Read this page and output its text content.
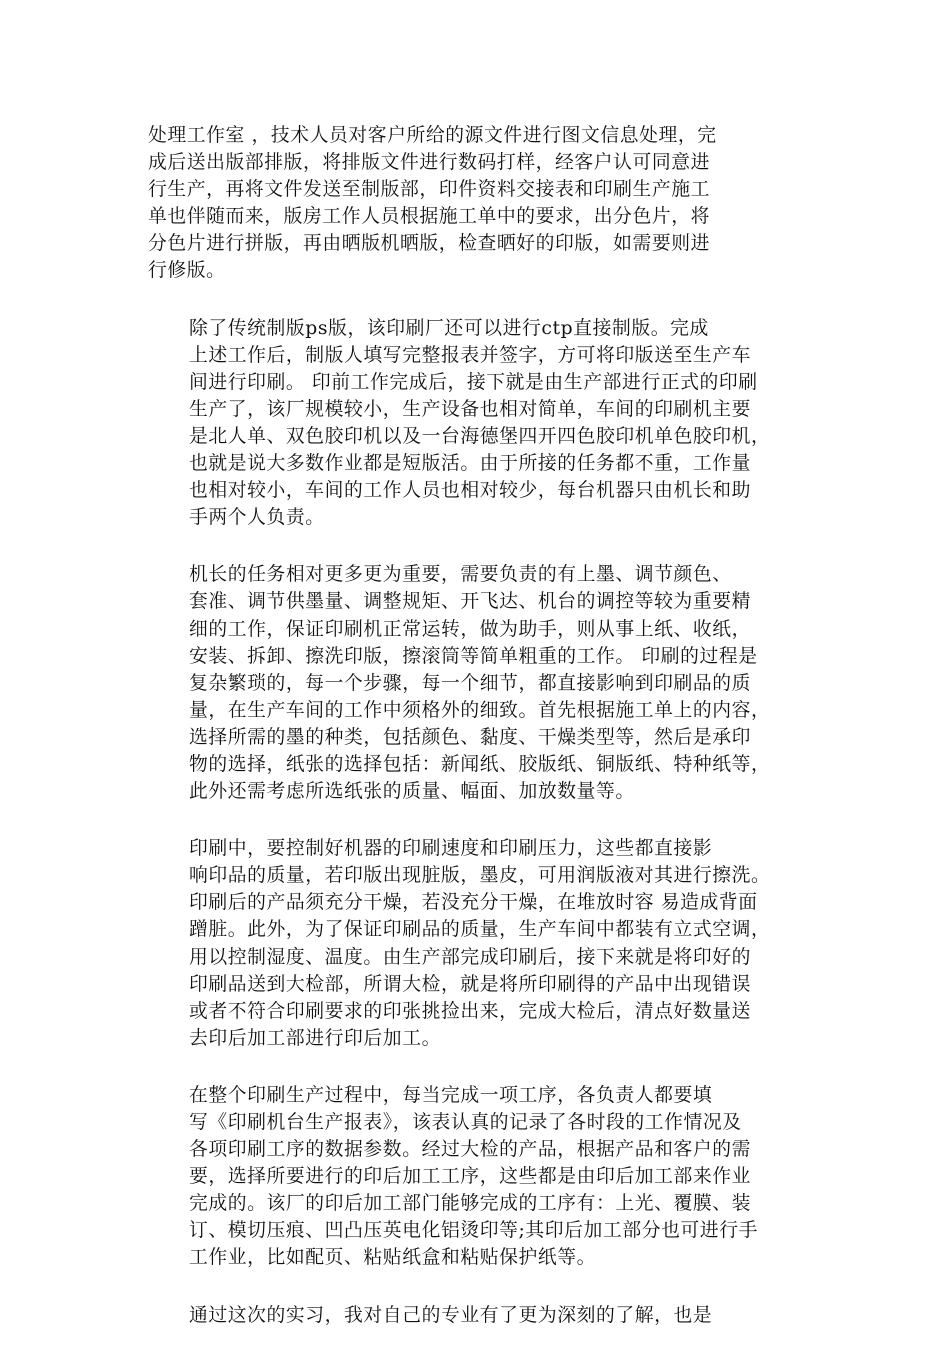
处理工作室 ，技术人员对客户所给的源文件进行图文信息处理，完
成后送出版部排版，将排版文件进行数码打样，经客户认可同意进
行生产，再将文件发送至制版部，印件资料交接表和印刷生产施工
单也伴随而来，版房工作人员根据施工单中的要求，出分色片，将
分色片进行拼版，再由晒版机晒版，检查晒好的印版，如需要则进
行修版。

除了传统制版ps版，该印刷厂还可以进行ctp直接制版。完成
上述工作后，制版人填写完整报表并签字，方可将印版送至生产车
间进行印刷。 印前工作完成后，接下就是由生产部进行正式的印刷
生产了，该厂规模较小，生产设备也相对简单，车间的印刷机主要
是北人单、双色胶印机以及一台海德堡四开四色胶印机单色胶印机，
也就是说大多数作业都是短版活。由于所接的任务都不重，工作量
也相对较小，车间的工作人员也相对较少，每台机器只由机长和助
手两个人负责。

机长的任务相对更多更为重要，需要负责的有上墨、调节颜色、
套准、调节供墨量、调整规矩、开飞达、机台的调控等较为重要精
细的工作，保证印刷机正常运转，做为助手，则从事上纸、收纸，
安装、拆卸、擦洗印版，擦滚筒等简单粗重的工作。 印刷的过程是
复杂繁琐的，每一个步骤，每一个细节，都直接影响到印刷品的质
量，在生产车间的工作中须格外的细致。首先根据施工单上的内容，
选择所需的墨的种类，包括颜色、黏度、干燥类型等，然后是承印
物的选择，纸张的选择包括：新闻纸、胶版纸、铜版纸、特种纸等，
此外还需考虑所选纸张的质量、幅面、加放数量等。

印刷中，要控制好机器的印刷速度和印刷压力，这些都直接影
响印品的质量，若印版出现脏版，墨皮，可用润版液对其进行擦洗。
印刷后的产品须充分干燥，若没充分干燥，在堆放时容 易造成背面
蹭脏。此外，为了保证印刷品的质量，生产车间中都装有立式空调，
用以控制湿度、温度。由生产部完成印刷后，接下来就是将印好的
印刷品送到大检部，所谓大检，就是将所印刷得的产品中出现错误
或者不符合印刷要求的印张挑捡出来，完成大检后，清点好数量送
去印后加工部进行印后加工。

在整个印刷生产过程中，每当完成一项工序，各负责人都要填
写《印刷机台生产报表》，该表认真的记录了各时段的工作情况及
各项印刷工序的数据参数。经过大检的产品，根据产品和客户的需
要，选择所要进行的印后加工工序，这些都是由印后加工部来作业
完成的。该厂的印后加工部门能够完成的工序有：上光、覆膜、装
订、模切压痕、凹凸压英电化铝烫印等;其印后加工部分也可进行手
工作业，比如配页、粘贴纸盒和粘贴保护纸等。

通过这次的实习，我对自己的专业有了更为深刻的了解，也是
